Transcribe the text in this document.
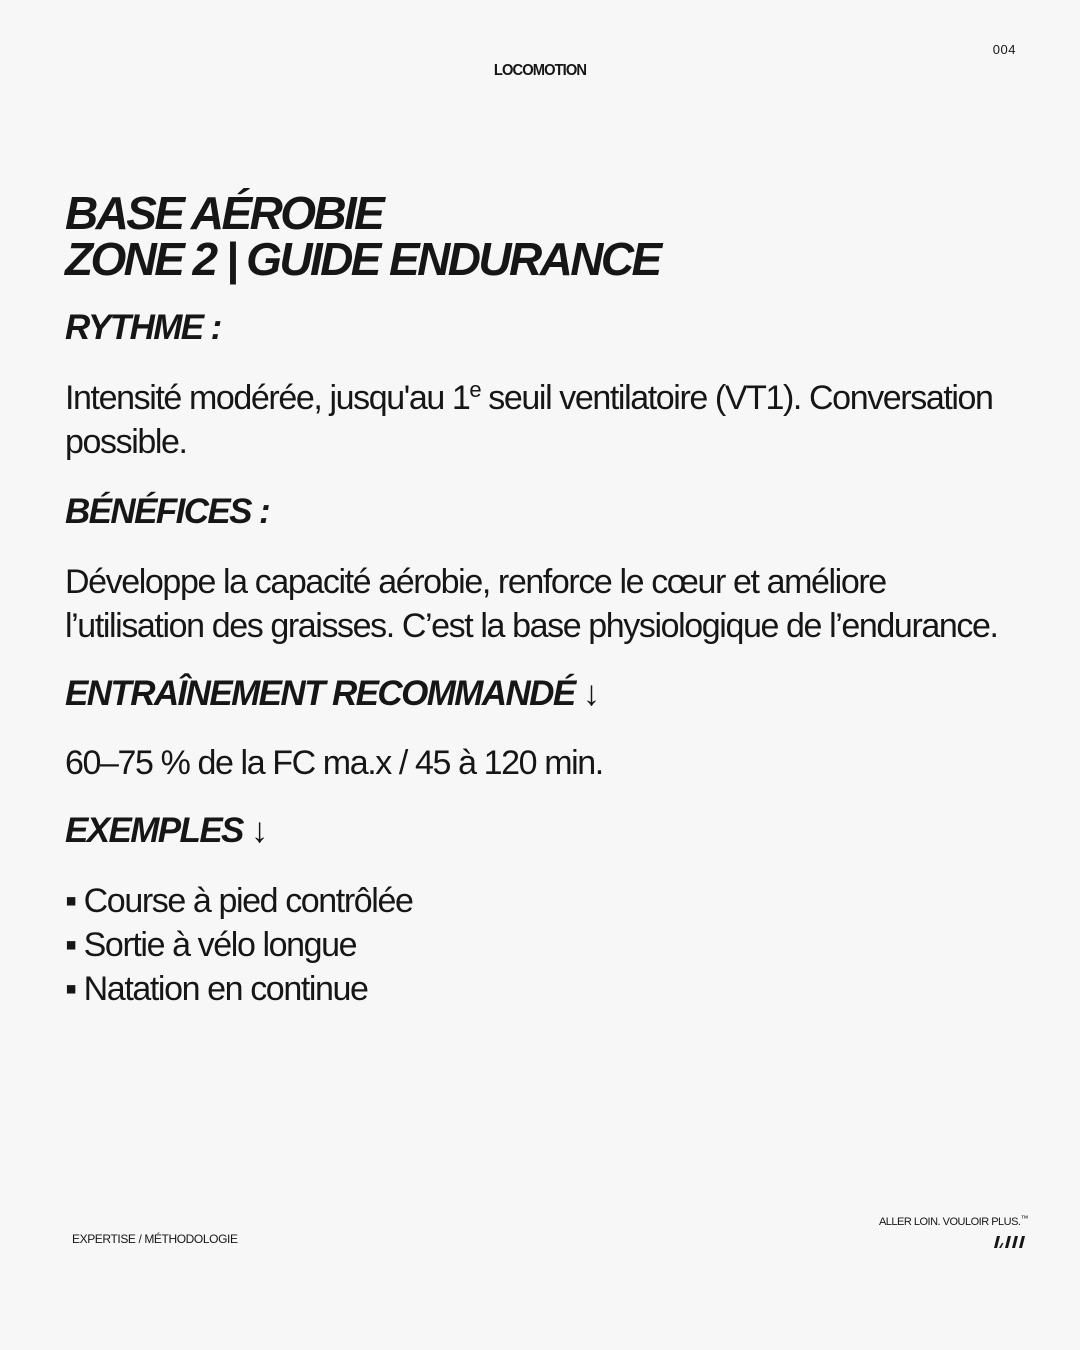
004
LOCOMOTION
BASE AÉROBIE
ZONE 2 | GUIDE ENDURANCE
RYTHME :

Intensité modérée, jusqu'au 1e seuil ventilatoire (VT1). Conversation possible.

BÉNÉFICES :

Développe la capacité aérobie, renforce le cœur et améliore l’utilisation des graisses. C’est la base physiologique de l’endurance.

ENTRAÎNEMENT RECOMMANDÉ ↓

60–75 % de la FC ma.x / 45 à 120 min.

EXEMPLES ↓
▪ Course à pied contrôlée
▪ Sortie à vélo longue
▪ Natation en continue
EXPERTISE / MÉTHODOLOGIE
ALLER LOIN. VOULOIR PLUS.™
